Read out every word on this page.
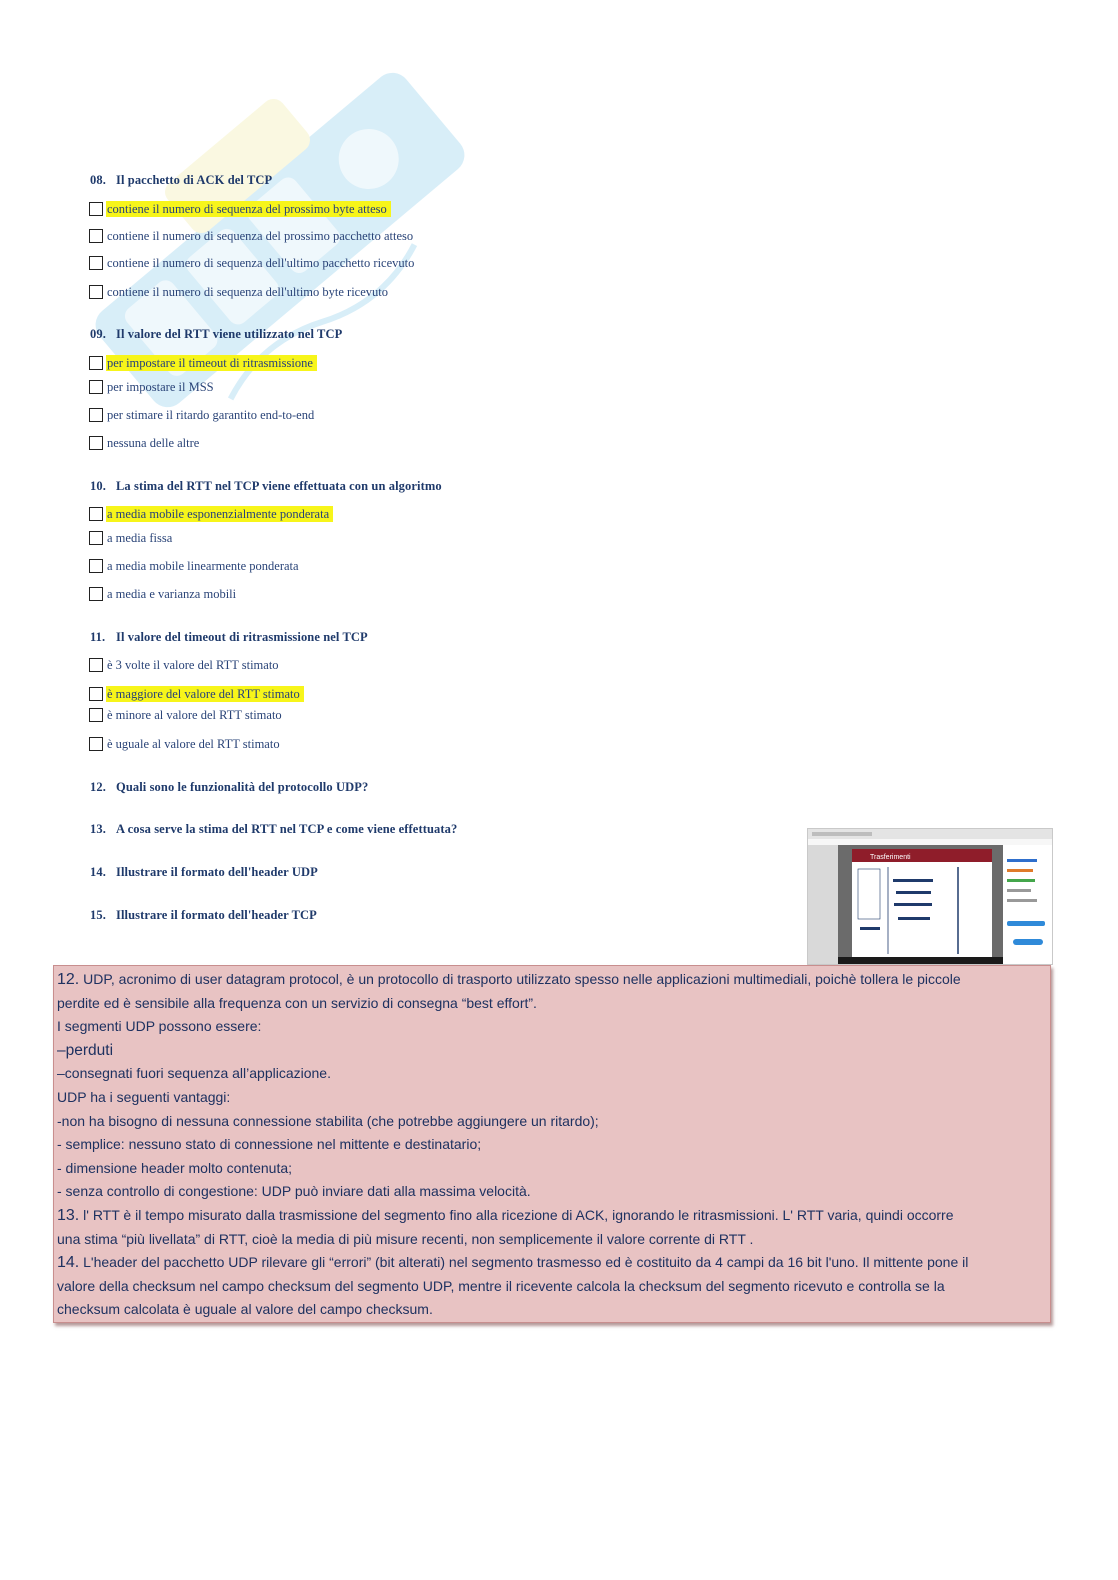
08. Il pacchetto di ACK del TCP
contiene il numero di sequenza del prossimo byte atteso
contiene il numero di sequenza del prossimo pacchetto atteso
contiene il numero di sequenza dell'ultimo pacchetto ricevuto
contiene il numero di sequenza dell'ultimo byte ricevuto
09. Il valore del RTT viene utilizzato nel TCP
per impostare il timeout di ritrasmissione
per impostare il MSS
per stimare il ritardo garantito end-to-end
nessuna delle altre
10. La stima del RTT nel TCP viene effettuata con un algoritmo
a media mobile esponenzialmente ponderata
a media fissa
a media mobile linearmente ponderata
a media e varianza mobili
11. Il valore del timeout di ritrasmissione nel TCP
è 3 volte il valore del RTT stimato
è maggiore del valore del RTT stimato
è minore al valore del RTT stimato
è uguale al valore del RTT stimato
12. Quali sono le funzionalità del protocollo UDP?
13. A cosa serve la stima del RTT nel TCP e come viene effettuata?
14. Illustrare il formato dell'header UDP
15. Illustrare il formato dell'header TCP
Trasferimenti

12. UDP, acronimo di user datagram protocol, è un protocollo di trasporto utilizzato spesso nelle applicazioni multimediali, poichè tollera le piccole

perdite ed è sensibile alla frequenza con un servizio di consegna “best effort”.

I segmenti UDP possono essere:

–perduti

–consegnati fuori sequenza all’applicazione.

UDP ha i seguenti vantaggi:

-non ha bisogno di nessuna connessione stabilita (che potrebbe aggiungere un ritardo);

- semplice: nessuno stato di connessione nel mittente e destinatario;

- dimensione header molto contenuta;

- senza controllo di congestione: UDP può inviare dati alla massima velocità.

13. l' RTT è il tempo misurato dalla trasmissione del segmento fino alla ricezione di ACK, ignorando le ritrasmissioni. L' RTT varia, quindi occorre

una stima “più livellata” di RTT, cioè la media di più misure recenti, non semplicemente il valore corrente di RTT .

14. L'header del pacchetto UDP rilevare gli “errori” (bit alterati) nel segmento trasmesso ed è costituito da 4 campi da 16 bit l'uno. Il mittente pone il

valore della checksum nel campo checksum del segmento UDP, mentre il ricevente calcola la checksum del segmento ricevuto e controlla se la

checksum calcolata è uguale al valore del campo checksum.
